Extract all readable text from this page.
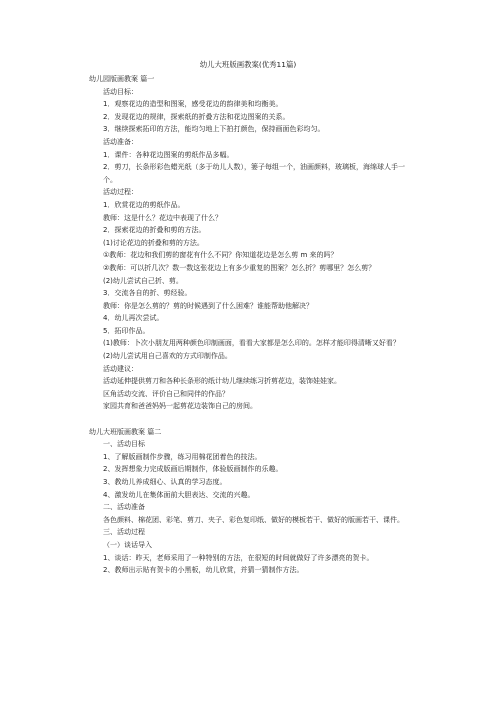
幼儿大班版画教案(优秀11篇)

幼儿园版画教案 篇一

活动目标：

1．观察花边的造型和图案，感受花边的韵律美和均衡美。

2．发现花边的规律，探索纸的折叠方法和花边图案的关系。

3．继续探索拓印的方法，能均匀地上下拍打颜色，保持画面色彩均匀。

活动准备：

1．课件：各种花边图案的剪纸作品多幅。

2．剪刀，长条形彩色蜡光纸（多于幼儿人数），篓子每组一个，油画颜料，玻璃板，海绵球人手一个。

活动过程：

1．欣赏花边的剪纸作品。

教师：这是什么？花边中表现了什么？

2．探索花边的折叠和剪的方法。

(1)讨论花边的折叠和剪的方法。

①教师：花边和我们剪的窗花有什么不同？你知道花边是怎么剪 m 来的吗？

②教师：可以折几次？数一数这张花边上有多少重复的图案？怎么折？剪哪里？怎么剪？

(2)幼儿尝试自己折、剪。

3．交流各自的折、剪经验。

教师：你是怎么剪的？剪的时候遇到了什么困难？谁能帮助他解决？

4．幼儿再次尝试。

5．拓印作品。

(1)教师：卜次小朋友用两种颜色印制画面，看看大家都是怎么印的。怎样才能印得清晰又好看？

(2)幼儿尝试用自己喜欢的方式印制作品。

活动建议：

活动延伸提供剪刀和各种长条形的纸计幼儿继续练习折剪花边，装饰娃娃家。

区角活动交流、评价自己和同伴的作品？

家园共育和爸爸妈妈一起剪花边装饰自己的房间。

幼儿大班版画教案 篇二

一、活动目标

1、了解版画制作步骤，练习用棉花团着色的技法。

2、发挥想象力完成版画后期制作，体验版画制作的乐趣。

3、教幼儿养成细心、认真的学习态度。

4、激发幼儿在集体面前大胆表达、交流的兴趣。

二、活动准备

各色颜料、棉花团、彩笔、剪刀、夹子、彩色复印纸、做好的模板若干、做好的版画若干、课件。

三、活动过程

（一）谈话导入

1、谈话：昨天，老师采用了一种特别的方法，在很短的时间就做好了许多漂亮的贺卡。

2、教师出示贴有贺卡的小黑板，幼儿欣赏，并猜一猜制作方法。
